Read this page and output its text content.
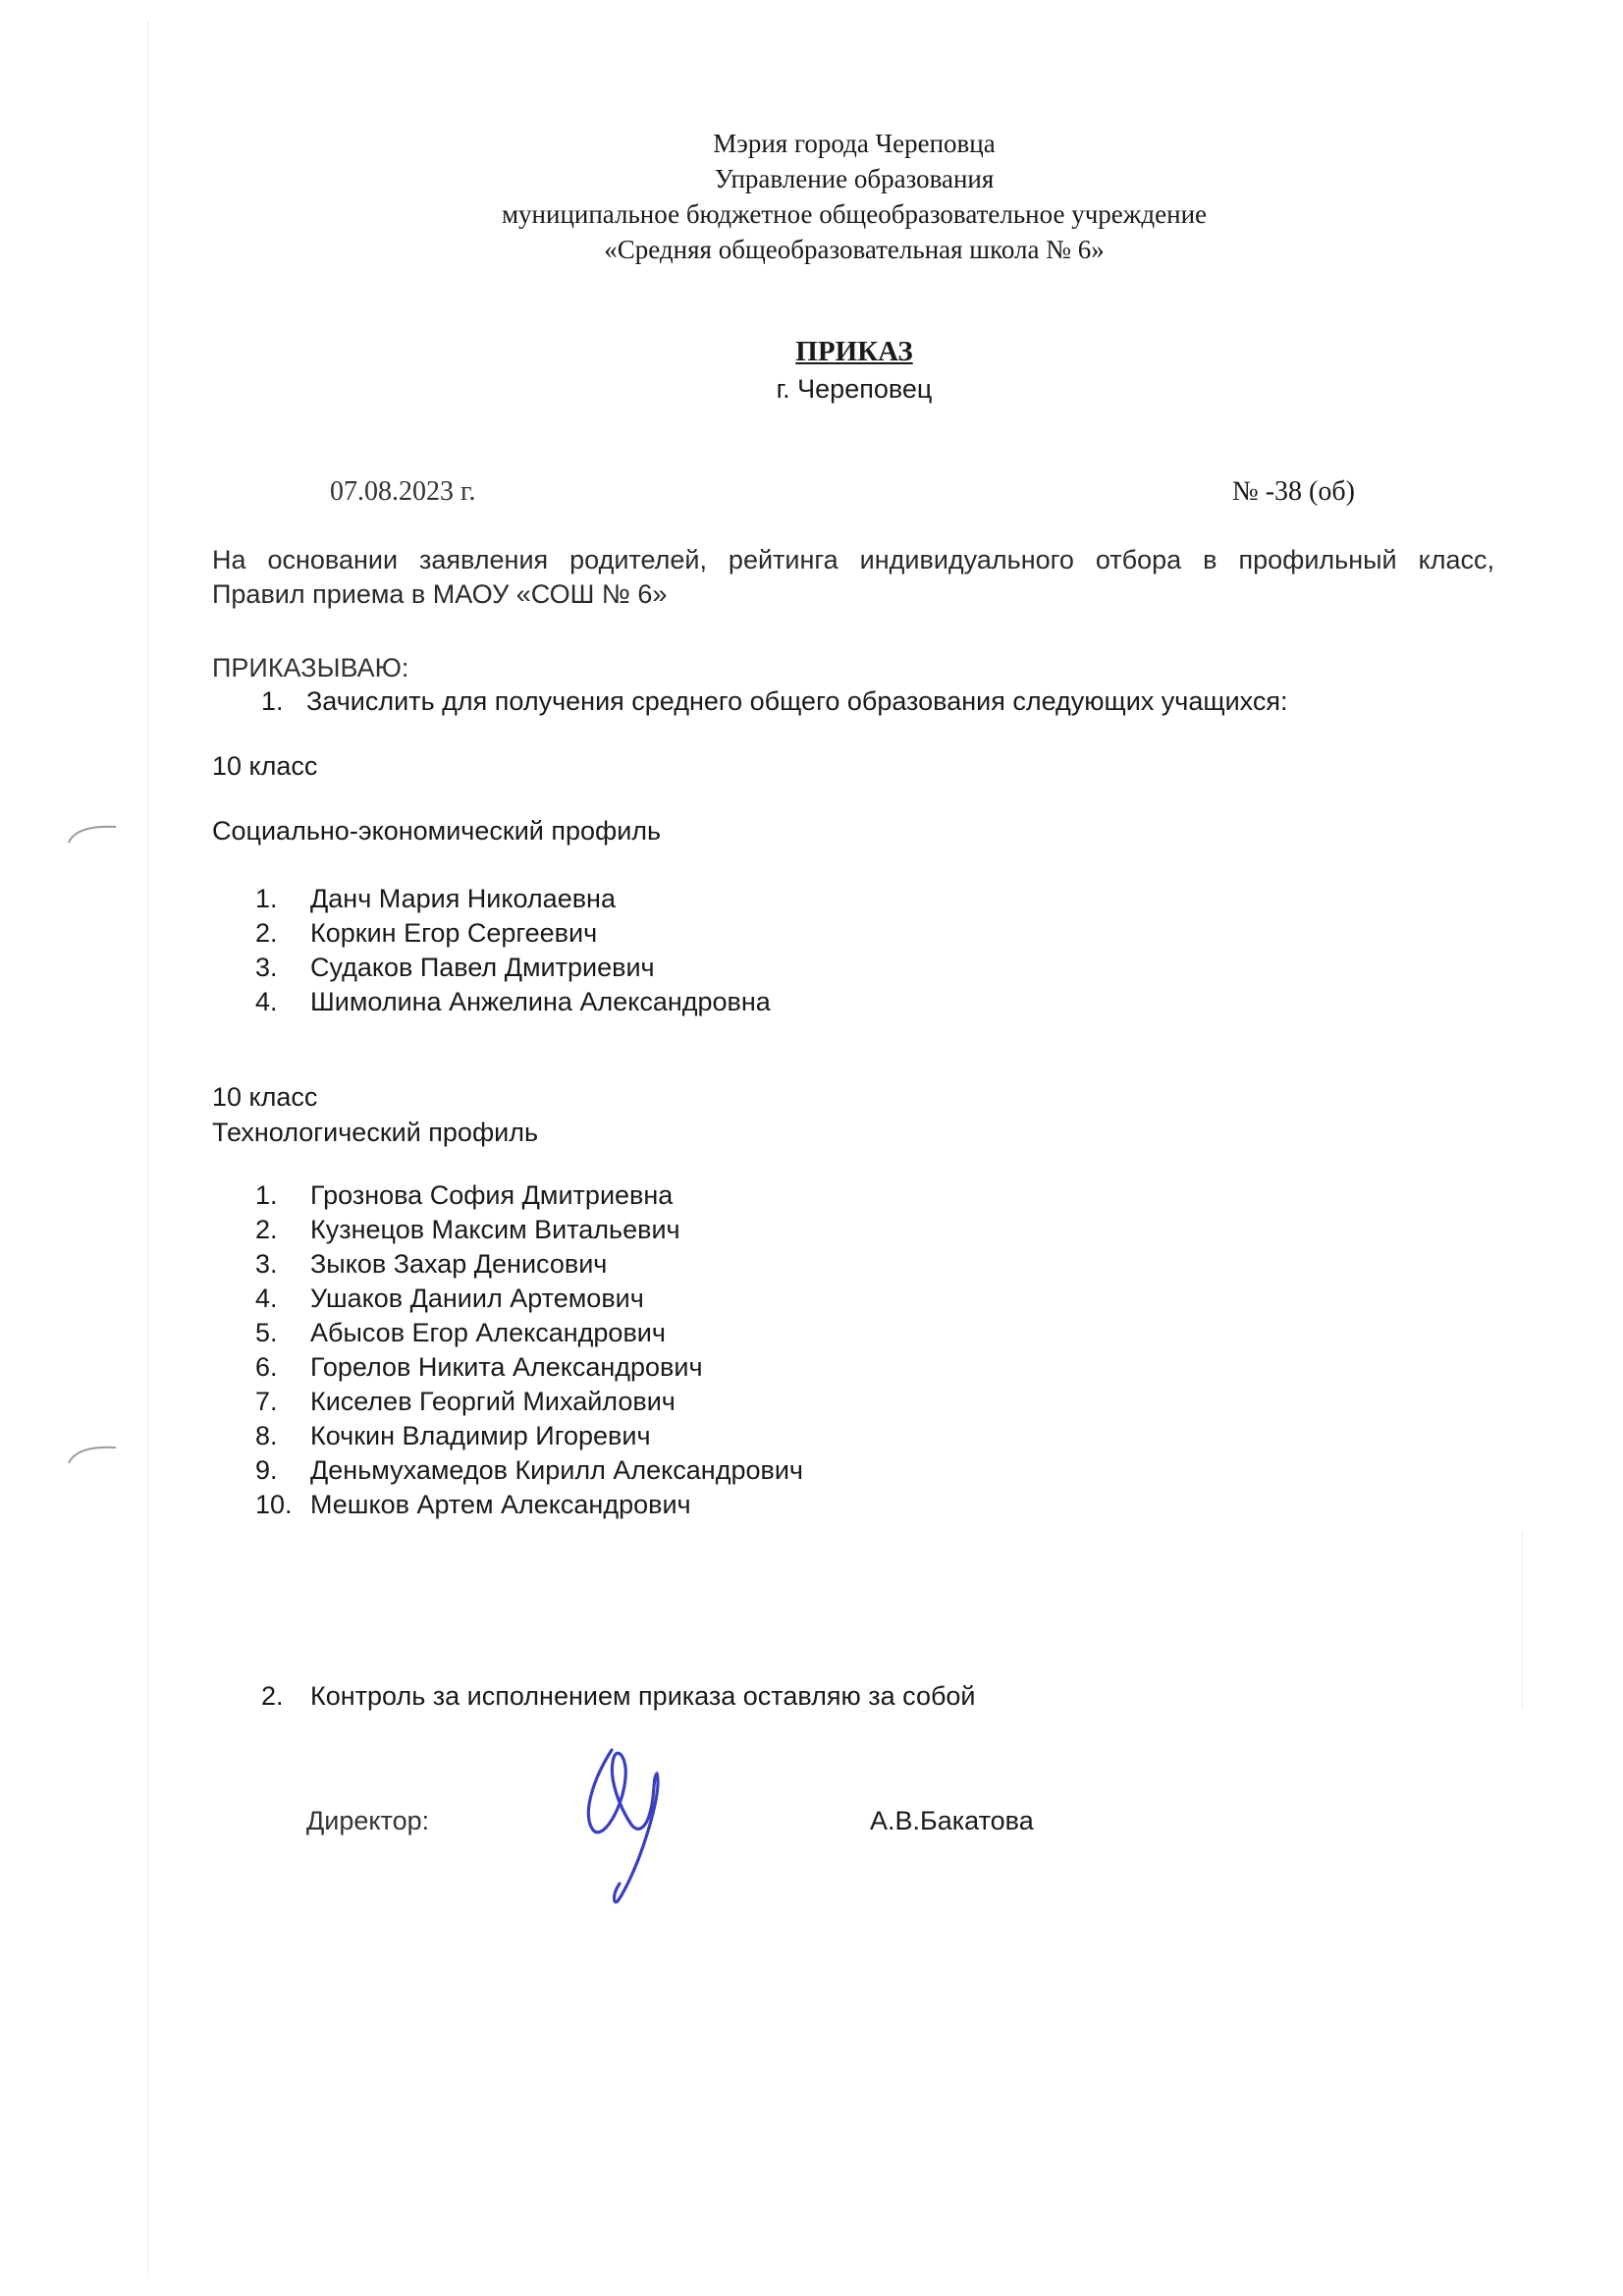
Мэрия города Череповца
Управление образования
муниципальное бюджетное общеобразовательное учреждение
«Средняя общеобразовательная школа № 6»
ПРИКАЗ
г. Череповец
07.08.2023 г.	№ -38 (об)
На основании заявления родителей, рейтинга индивидуального отбора в профильный класс,
Правил приема в МАОУ «СОШ № 6»
ПРИКАЗЫВАЮ:
1. Зачислить для получения среднего общего образования следующих учащихся:
10 класс
Социально-экономический профиль
1. Данч Мария Николаевна
2. Коркин Егор Сергеевич
3. Судаков Павел Дмитриевич
4. Шимолина Анжелина Александровна
10 класс
Технологический профиль
1. Грознова София Дмитриевна
2. Кузнецов Максим Витальевич
3. Зыков Захар Денисович
4. Ушаков Даниил Артемович
5. Абысов Егор Александрович
6. Горелов Никита Александрович
7. Киселев Георгий Михайлович
8. Кочкин Владимир Игоревич
9. Деньмухамедов Кирилл Александрович
10. Мешков Артем Александрович
2. Контроль за исполнением приказа оставляю за собой
Директор:	А.В.Бакатова
